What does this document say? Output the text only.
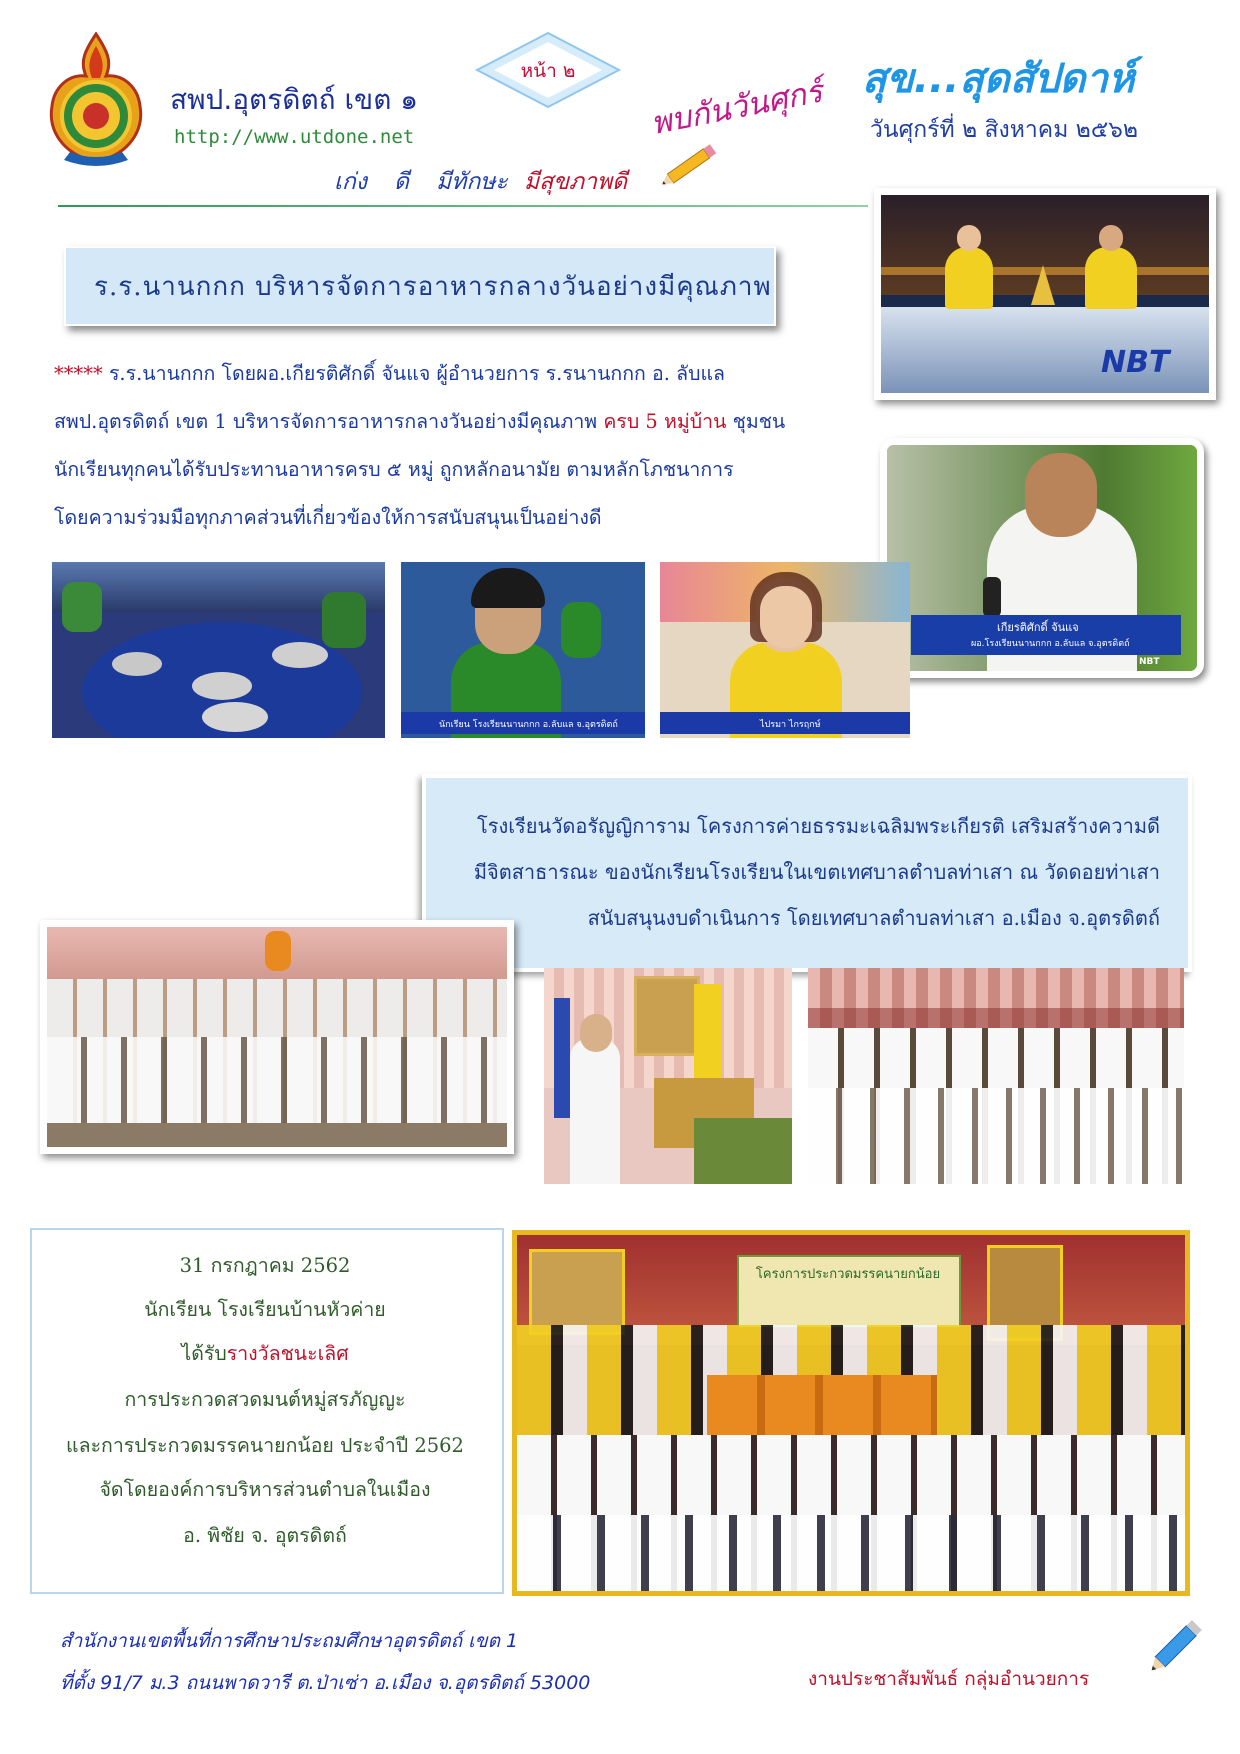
สพป.อุตรดิตถ์ เขต ๑
http://www.utdone.net
หน้า ๒
เก่ง ดี มีทักษะ มีสุขภาพดี
พบกันวันศุกร์ สุข...สุดสัปดาห์
วันศุกร์ที่ ๒ สิงหาคม ๒๕๖๒
ร.ร.นานกกก บริหารจัดการอาหารกลางวันอย่างมีคุณภาพ
***** ร.ร.นานกกก โดยผอ.เกียรติศักดิ์ จันแจ ผู้อำนวยการ ร.รนานกกก อ. ลับแล
สพป.อุตรดิตถ์ เขต 1 บริหารจัดการอาหารกลางวันอย่างมีคุณภาพ ครบ 5 หมู่บ้าน ชุมชน
นักเรียนทุกคนได้รับประทานอาหารครบ ๕ หมู่ ถูกหลักอนามัย ตามหลักโภชนาการ
โดยความร่วมมือทุกภาคส่วนที่เกี่ยวข้องให้การสนับสนุนเป็นอย่างดี
NBT
เกียรติศักดิ์ จันแจ
ผอ.โรงเรียนนานกกก อ.ลับแล จ.อุตรดิตถ์
NBT
นักเรียน โรงเรียนนานกกก อ.ลับแล จ.อุตรดิตถ์	ไปรมา ไกรฤกษ์
โรงเรียนวัดอรัญญิการาม โครงการค่ายธรรมะเฉลิมพระเกียรติ เสริมสร้างความดี
มีจิตสาธารณะ ของนักเรียนโรงเรียนในเขตเทศบาลตำบลท่าเสา ณ วัดดอยท่าเสา
สนับสนุนงบดำเนินการ โดยเทศบาลตำบลท่าเสา อ.เมือง จ.อุตรดิตถ์
31 กรกฎาคม 2562
นักเรียน โรงเรียนบ้านหัวค่าย
ได้รับรางวัลชนะเลิศ
การประกวดสวดมนต์หมู่สรภัญญะ
และการประกวดมรรคนายกน้อย ประจำปี 2562
จัดโดยองค์การบริหารส่วนตำบลในเมือง
อ. พิชัย จ. อุตรดิตถ์
โครงการประกวดมรรคนายกน้อย
สำนักงานเขตพื้นที่การศึกษาประถมศึกษาอุตรดิตถ์ เขต 1
ที่ตั้ง 91/7 ม.3 ถนนพาดวารี ต.ป่าเซ่า อ.เมือง จ.อุตรดิตถ์ 53000	งานประชาสัมพันธ์ กลุ่มอำนวยการ
